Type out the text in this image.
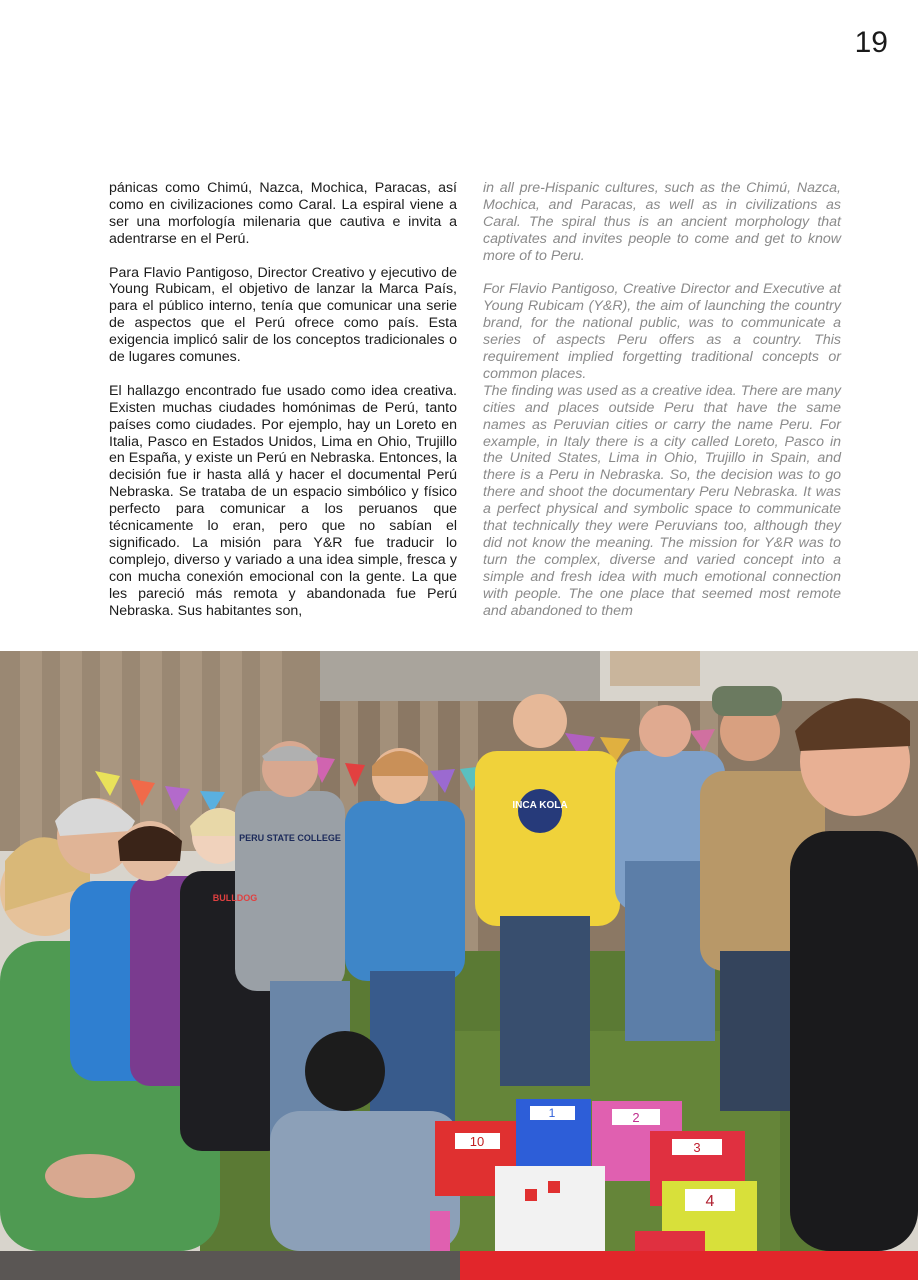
19

pánicas como Chimú, Nazca, Mochica, Paracas, así como en civilizaciones como Caral. La espiral viene a ser una morfología milenaria que cautiva e invita a adentrarse en el Perú.

Para Flavio Pantigoso, Director Creativo y ejecutivo de Young Rubicam, el objetivo de lanzar la Marca País, para el público interno, tenía que comunicar una serie de aspectos que el Perú ofrece como país. Esta exigencia implicó salir de los conceptos tradicionales o de lugares comunes.

El hallazgo encontrado fue usado como idea creativa. Existen muchas ciudades homónimas de Perú, tanto países como ciudades. Por ejemplo, hay un Loreto en Italia, Pasco en Estados Unidos, Lima en Ohio, Trujillo en España, y existe un Perú en Nebraska. Entonces, la decisión fue ir hasta allá y hacer el documental Perú Nebraska. Se trataba de un espacio simbólico y físico perfecto para comunicar a los peruanos que técnicamente lo eran, pero que no sabían el significado. La misión para Y&R fue traducir lo complejo, diverso y variado a una idea simple, fresca y con mucha conexión emocional con la gente. La que les pareció más remota y abandonada fue Perú Nebraska. Sus habitantes son,

in all pre-Hispanic cultures, such as the Chimú, Nazca, Mochica, and Paracas, as well as in civilizations as Caral. The spiral thus is an ancient morphology that captivates and invites people to come and get to know more of to Peru.

For Flavio Pantigoso, Creative Director and Executive at Young Rubicam (Y&R), the aim of launching the country brand, for the national public, was to communicate a series of aspects Peru offers as a country. This requirement implied forgetting traditional concepts or common places.

The finding was used as a creative idea. There are many cities and places outside Peru that have the same names as Peruvian cities or carry the name Peru. For example, in Italy there is a city called Loreto, Pasco in the United States, Lima in Ohio, Trujillo in Spain, and there is a Peru in Nebraska. So, the decision was to go there and shoot the documentary Peru Nebraska. It was a perfect physical and symbolic space to communicate that technically they were Peruvians too, although they did not know the meaning. The mission for Y&R was to turn the complex, diverse and varied concept into a simple and fresh idea with much emotional connection with people. The one place that seemed most remote and abandoned to them

10
1	2
3
4
INCA KOLA
PERU STATE COLLEGE
BULLDOG
